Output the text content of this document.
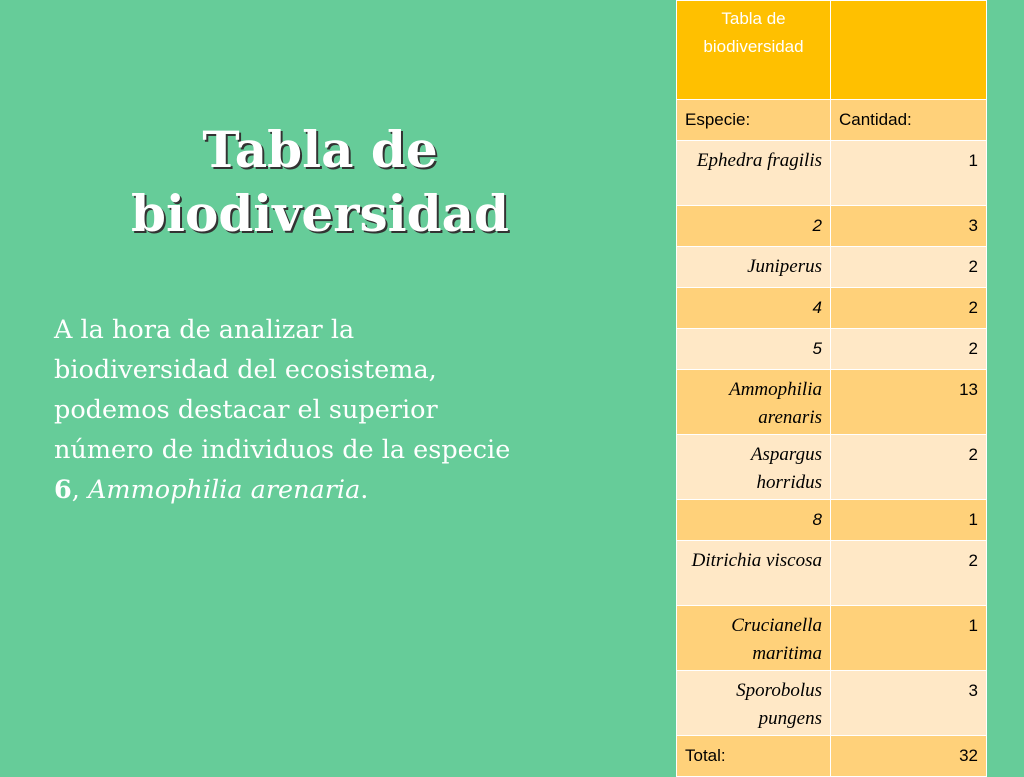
Tabla de biodiversidad

A la hora de analizar la biodiversidad del ecosistema, podemos destacar el superior número de individuos de la especie 6, Ammophilia arenaria.

Tabla de biodiversidad	
Especie:	Cantidad:
Ephedra fragilis	1
2	3
Juniperus	2
4	2
5	2
Ammophilia arenaris	13
Aspargus horridus	2
8	1
Ditrichia viscosa	2
Crucianella maritima	1
Sporobolus pungens	3
Total:	32
